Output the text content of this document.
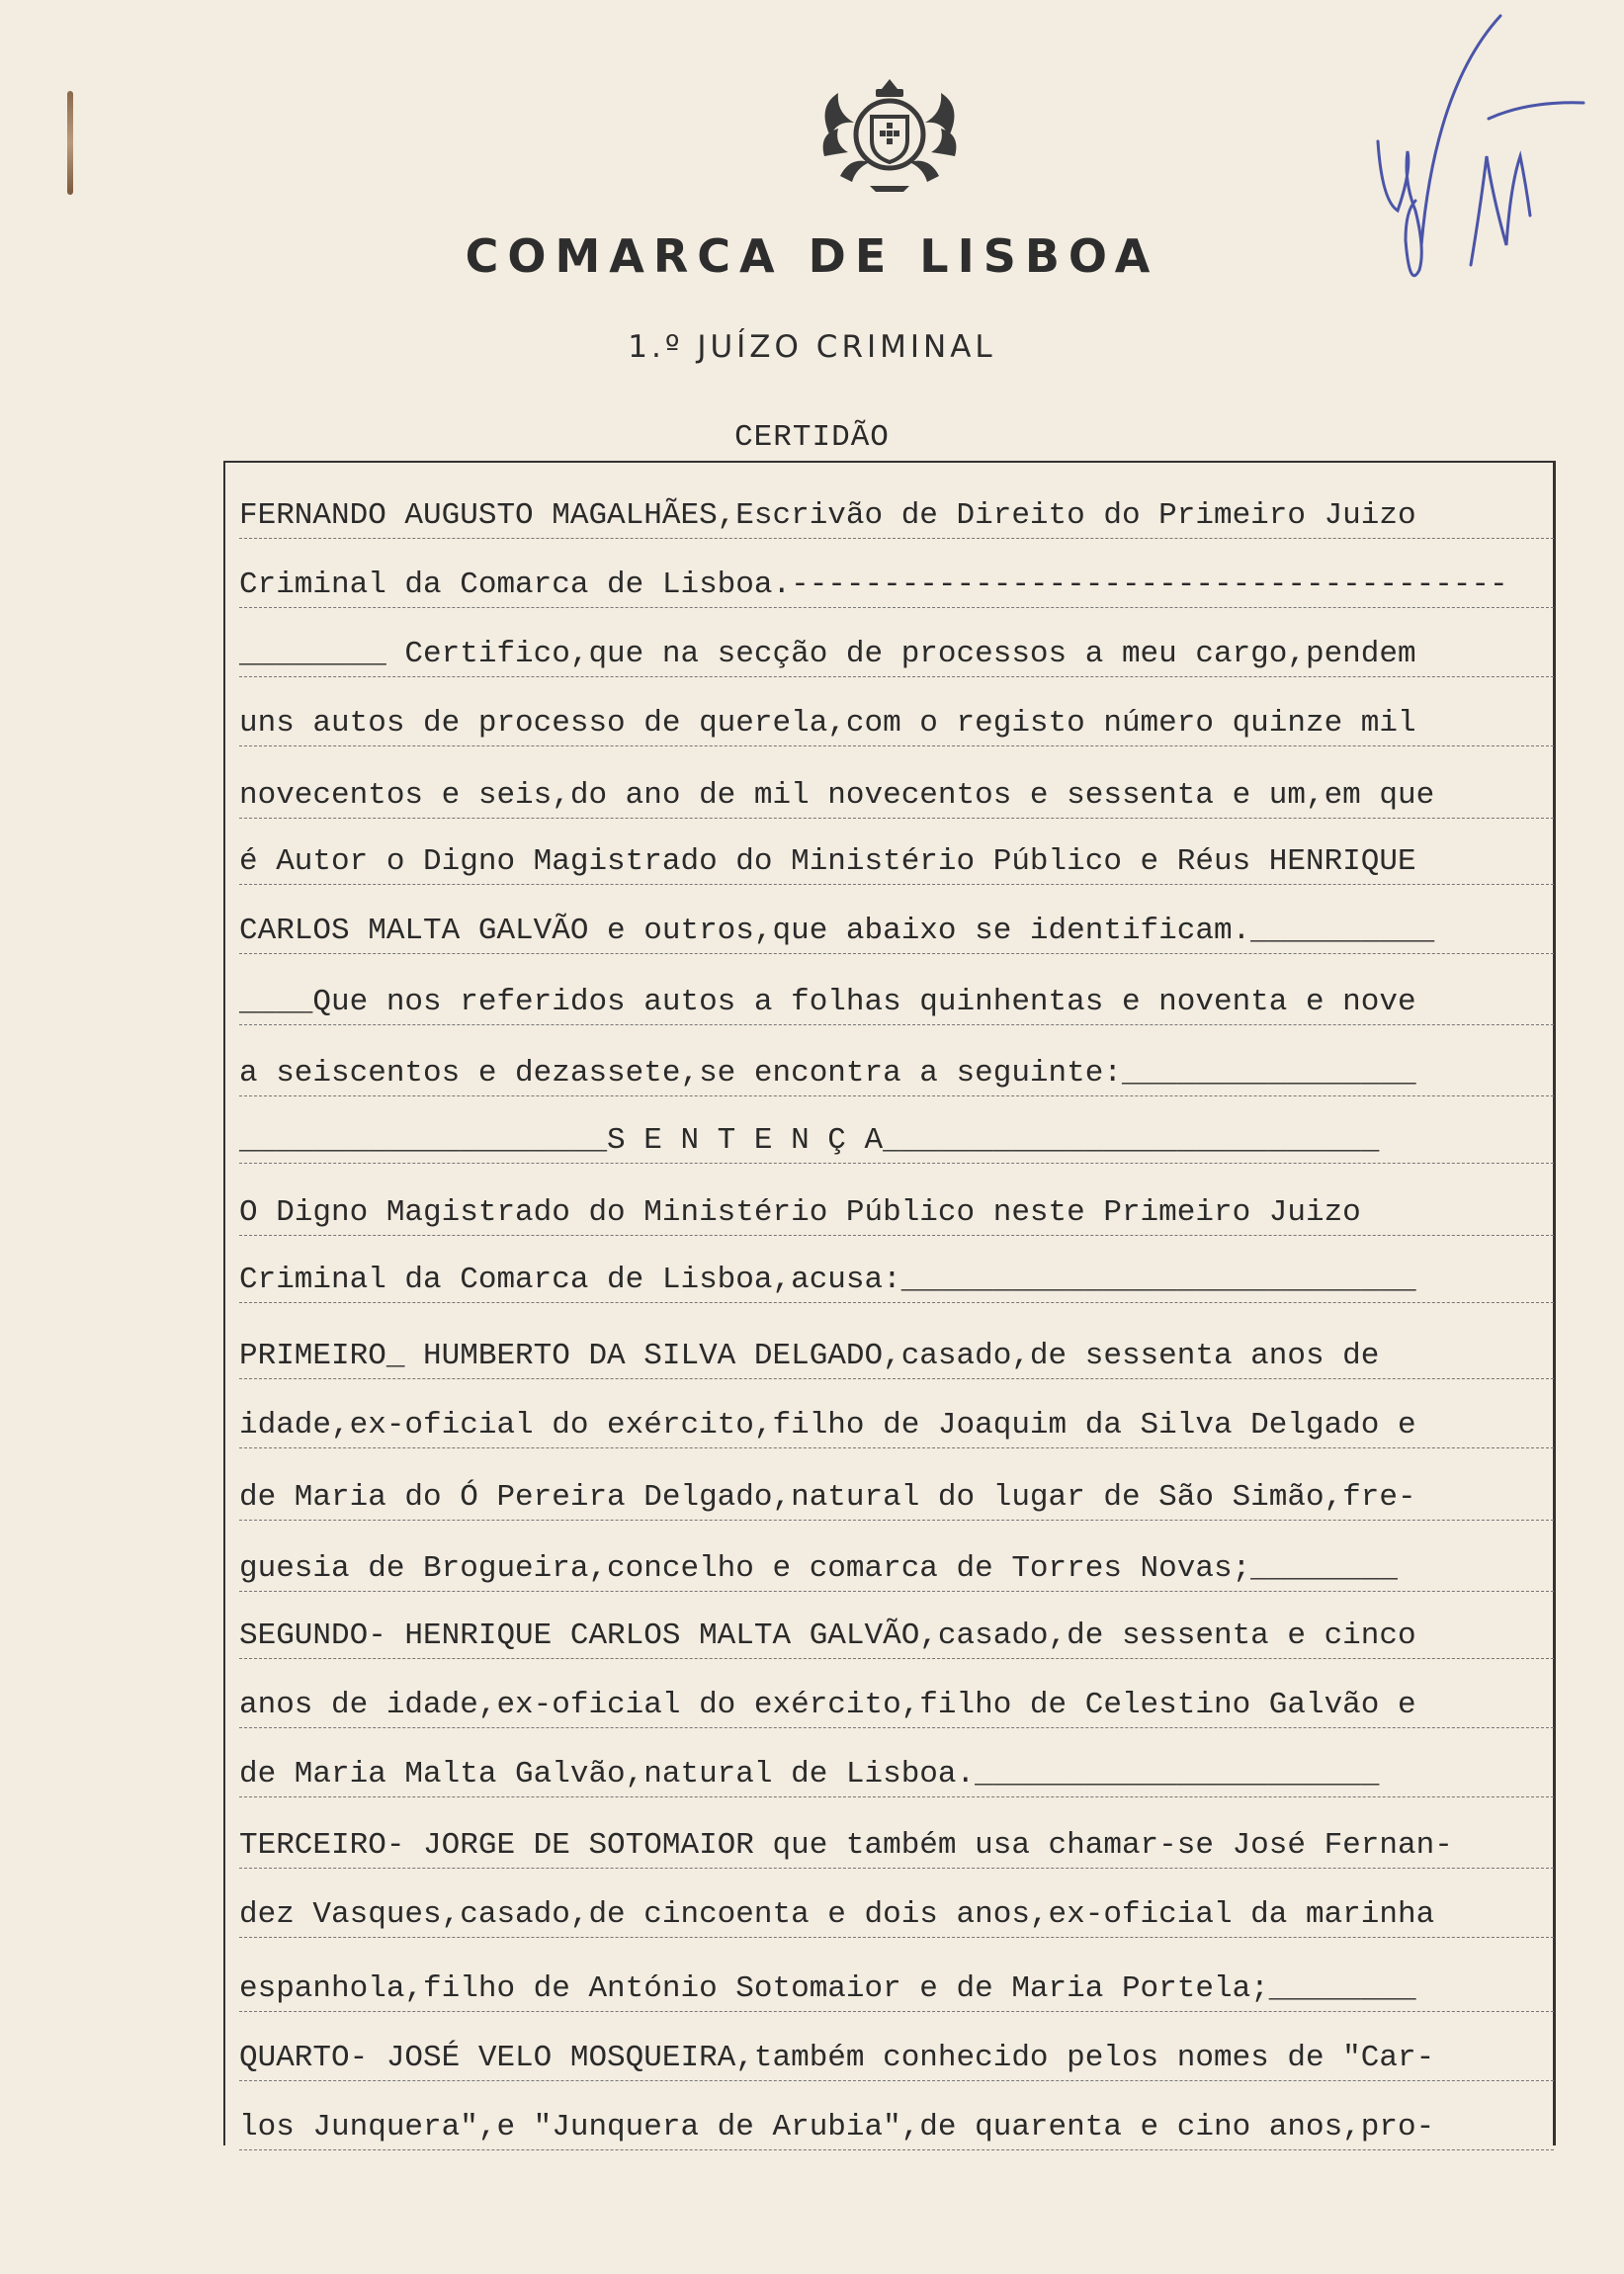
COMARCA DE LISBOA
1.º JUÍZO CRIMINAL
CERTIDÃO
FERNANDO AUGUSTO MAGALHÃES,Escrivão de Direito do Primeiro Juizo
Criminal da Comarca de Lisboa.---------------------------------------
________ Certifico,que na secção de processos a meu cargo,pendem
uns autos de processo de querela,com o registo número quinze mil
novecentos e seis,do ano de mil novecentos e sessenta e um,em que
é Autor o Digno Magistrado do Ministério Público e Réus HENRIQUE
CARLOS MALTA GALVÃO e outros,que abaixo se identificam.__________
____Que nos referidos autos a folhas quinhentas e noventa e nove
a seiscentos e dezassete,se encontra a seguinte:________________
____________________S E N T E N Ç A___________________________
O Digno Magistrado do Ministério Público neste Primeiro Juizo
Criminal da Comarca de Lisboa,acusa:____________________________
PRIMEIRO_ HUMBERTO DA SILVA DELGADO,casado,de sessenta anos de
idade,ex-oficial do exército,filho de Joaquim da Silva Delgado e
de Maria do Ó Pereira Delgado,natural do lugar de São Simão,fre-
guesia de Brogueira,concelho e comarca de Torres Novas;________
SEGUNDO- HENRIQUE CARLOS MALTA GALVÃO,casado,de sessenta e cinco
anos de idade,ex-oficial do exército,filho de Celestino Galvão e
de Maria Malta Galvão,natural de Lisboa.______________________
TERCEIRO- JORGE DE SOTOMAIOR que também usa chamar-se José Fernan-
dez Vasques,casado,de cincoenta e dois anos,ex-oficial da marinha
espanhola,filho de António Sotomaior e de Maria Portela;________
QUARTO- JOSÉ VELO MOSQUEIRA,também conhecido pelos nomes de "Car-
los Junquera",e "Junquera de Arubia",de quarenta e cino anos,pro-
